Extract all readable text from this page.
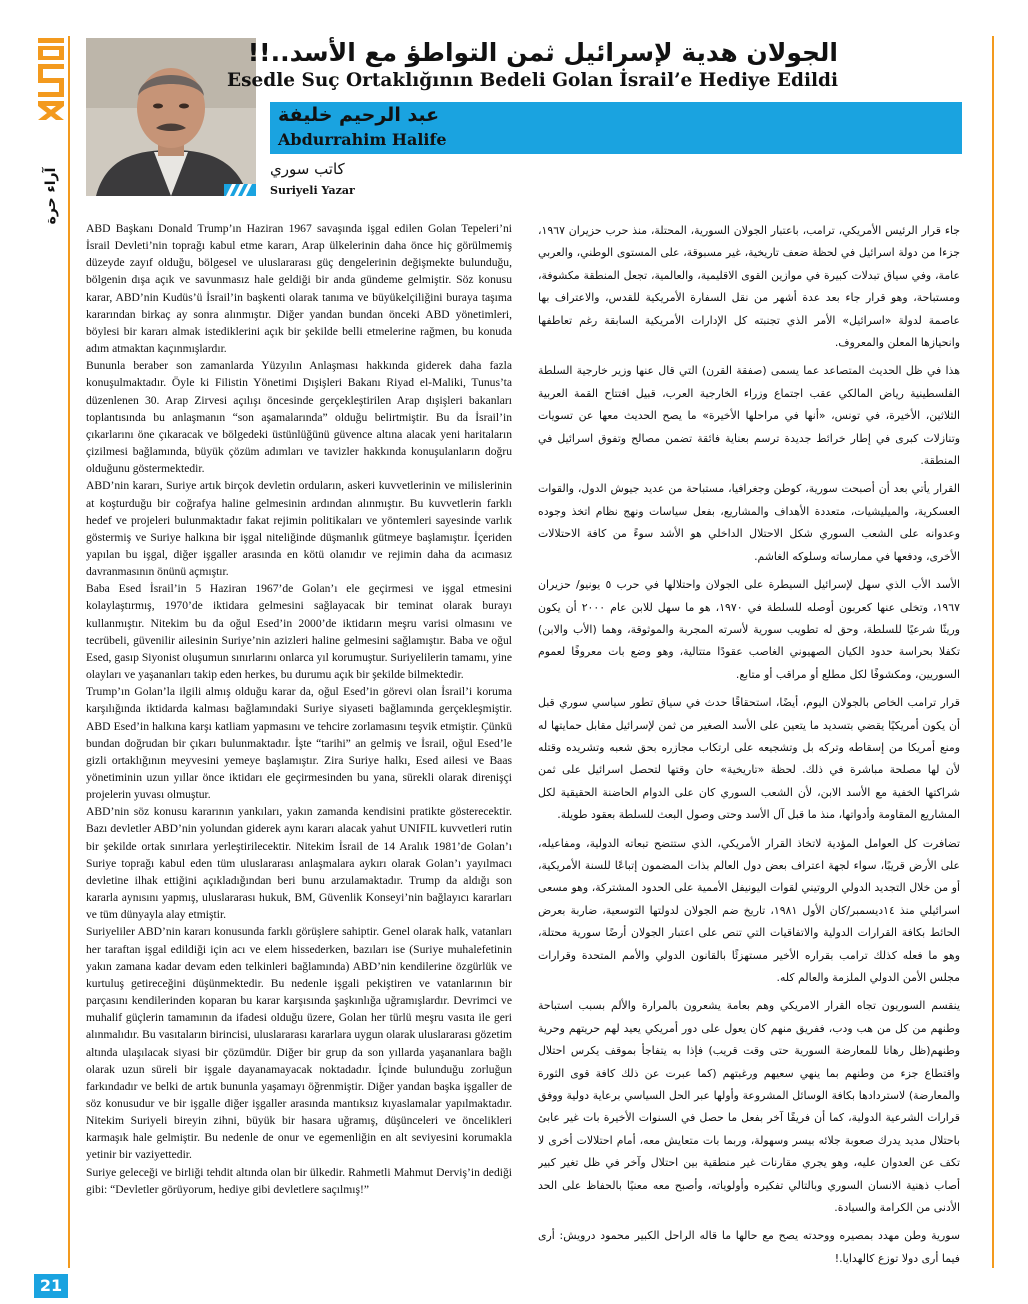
آراء حرة
21
الجولان هدية لإسرائيل ثمن التواطؤ مع الأسد..!!
Esedle Suç Ortaklığının Bedeli Golan İsrail’e Hediye Edildi
عبد الرحيم خليفة
Abdurrahim Halife
كاتب سوري
Suriyeli Yazar

ABD Başkanı Donald Trump’ın Haziran 1967 savaşında işgal edilen Golan Tepeleri’ni İsrail Devleti’nin toprağı kabul etme kararı, Arap ülkelerinin daha önce hiç görülmemiş düzeyde zayıf olduğu, bölgesel ve uluslararası güç dengelerinin değişmekte bulunduğu, bölgenin dışa açık ve savunmasız hale geldiği bir anda gündeme gelmiştir. Söz konusu karar, ABD’nin Kudüs’ü İsrail’in başkenti olarak tanıma ve büyükelçiliğini buraya taşıma kararından birkaç ay sonra alınmıştır. Diğer yandan bundan önceki ABD yönetimleri, böylesi bir kararı almak istediklerini açık bir şekilde belli etmelerine rağmen, bu konuda adım atmaktan kaçınmışlardır.

Bununla beraber son zamanlarda Yüzyılın Anlaşması hakkında giderek daha fazla konuşulmaktadır. Öyle ki Filistin Yönetimi Dışişleri Bakanı Riyad el-Maliki, Tunus’ta düzenlenen 30. Arap Zirvesi açılışı öncesinde gerçekleştirilen Arap dışişleri bakanları toplantısında bu anlaşmanın “son aşamalarında” olduğu belirtmiştir. Bu da İsrail’in çıkarlarını öne çıkaracak ve bölgedeki üstünlüğünü güvence altına alacak yeni haritaların çizilmesi bağlamında, büyük çözüm adımları ve tavizler hakkında konuşulanların doğru olduğunu göstermektedir.

ABD’nin kararı, Suriye artık birçok devletin orduların, askeri kuvvetlerinin ve milislerinin at koşturduğu bir coğrafya haline gelmesinin ardından alınmıştır. Bu kuvvetlerin farklı hedef ve projeleri bulunmaktadır fakat rejimin politikaları ve yöntemleri sayesinde varlık göstermiş ve Suriye halkına bir işgal niteliğinde düşmanlık gütmeye başlamıştır. İçeriden yapılan bu işgal, diğer işgaller arasında en kötü olanıdır ve rejimin daha da acımasız davranmasının önünü açmıştır.

Baba Esed İsrail’in 5 Haziran 1967’de Golan’ı ele geçirmesi ve işgal etmesini kolaylaştırmış, 1970’de iktidara gelmesini sağlayacak bir teminat olarak burayı kullanmıştır. Nitekim bu da oğul Esed’in 2000’de iktidarın meşru varisi olmasını ve tecrübeli, güvenilir ailesinin Suriye’nin azizleri haline gelmesini sağlamıştır. Baba ve oğul Esed, gasıp Siyonist oluşumun sınırlarını onlarca yıl korumuştur. Suriyelilerin tamamı, yine olayları ve yaşananları takip eden herkes, bu durumu açık bir şekilde bilmektedir.

Trump’ın Golan’la ilgili almış olduğu karar da, oğul Esed’in görevi olan İsrail’i koruma karşılığında iktidarda kalması bağlamındaki Suriye siyaseti bağlamında gerçekleşmiştir. ABD Esed’in halkına karşı katliam yapmasını ve tehcire zorlamasını teşvik etmiştir. Çünkü bundan doğrudan bir çıkarı bulunmaktadır. İşte “tarihi” an gelmiş ve İsrail, oğul Esed’le gizli ortaklığının meyvesini yemeye başlamıştır. Zira Suriye halkı, Esed ailesi ve Baas yönetiminin uzun yıllar önce iktidarı ele geçirmesinden bu yana, sürekli olarak direnişçi projelerin yuvası olmuştur.

ABD’nin söz konusu kararının yankıları, yakın zamanda kendisini pratikte gösterecektir. Bazı devletler ABD’nin yolundan giderek aynı kararı alacak yahut UNIFIL kuvvetleri rutin bir şekilde ortak sınırlara yerleştirilecektir. Nitekim İsrail de 14 Aralık 1981’de Golan’ı Suriye toprağı kabul eden tüm uluslararası anlaşmalara aykırı olarak Golan’ı yayılmacı devletine ilhak ettiğini açıkladığından beri bunu arzulamaktadır. Trump da aldığı son kararla aynısını yapmış, uluslararası hukuk, BM, Güvenlik Konseyi’nin bağlayıcı kararları ve tüm dünyayla alay etmiştir.

Suriyeliler ABD’nin kararı konusunda farklı görüşlere sahiptir. Genel olarak halk, vatanları her taraftan işgal edildiği için acı ve elem hissederken, bazıları ise (Suriye muhalefetinin yakın zamana kadar devam eden telkinleri bağlamında) ABD’nin kendilerine özgürlük ve kurtuluş getireceğini düşünmektedir. Bu nedenle işgali pekiştiren ve vatanlarının bir parçasını kendilerinden koparan bu karar karşısında şaşkınlığa uğramışlardır. Devrimci ve muhalif güçlerin tamamının da ifadesi olduğu üzere, Golan her türlü meşru vasıta ile geri alınmalıdır. Bu vasıtaların birincisi, uluslararası kararlara uygun olarak uluslararası gözetim altında ulaşılacak siyasi bir çözümdür. Diğer bir grup da son yıllarda yaşananlara bağlı olarak uzun süreli bir işgale dayanamayacak noktadadır. İçinde bulunduğu zorluğun farkındadır ve belki de artık bununla yaşamayı öğrenmiştir. Diğer yandan başka işgaller de söz konusudur ve bir işgalle diğer işgaller arasında mantıksız kıyaslamalar yapılmaktadır. Nitekim Suriyeli bireyin zihni, büyük bir hasara uğramış, düşünceleri ve öncelikleri karmaşık hale gelmiştir. Bu nedenle de onur ve egemenliğin en alt seviyesini korumakla yetinir bir vaziyettedir.

Suriye geleceği ve birliği tehdit altında olan bir ülkedir. Rahmetli Mahmut Derviş’in dediği gibi: “Devletler görüyorum, hediye gibi devletlere saçılmış!”

جاء قرار الرئيس الأمريكي، ترامب، باعتبار الجولان السورية، المحتلة، منذ حرب حزيران ١٩٦٧، جزءا من دولة اسرائيل في لحظة ضعف تاريخية، غير مسبوقة، على المستوى الوطني، والعربي عامة، وفي سياق تبدلات كبيرة في موازين القوى الاقليمية، والعالمية، تجعل المنطقة مكشوفة، ومستباحة، وهو قرار جاء بعد عدة أشهر من نقل السفارة الأمريكية للقدس، والاعتراف بها عاصمة لدولة «اسرائيل» الأمر الذي تجنبته كل الإدارات الأمريكية السابقة رغم تعاطفها وانحيازها المعلن والمعروف.

هذا في ظل الحديث المتصاعد عما يسمى (صفقة القرن) التي قال عنها وزير خارجية السلطة الفلسطينية رياض المالكي عقب اجتماع وزراء الخارجية العرب، قبيل افتتاح القمة العربية الثلاثين، الأخيرة، في تونس، «أنها في مراحلها الأخيرة» ما يصح الحديث معها عن تسويات وتنازلات كبرى في إطار خرائط جديدة ترسم بعناية فائقة تضمن مصالح وتفوق اسرائيل في المنطقة.

القرار يأتي بعد أن أصبحت سورية، كوطن وجغرافيا، مستباحة من عديد جيوش الدول، والقوات العسكرية، والميليشيات، متعددة الأهداف والمشاريع، بفعل سياسات ونهج نظام اتخذ وجوده وعدوانه على الشعب السوري شكل الاحتلال الداخلي هو الأشد سوءً من كافة الاحتلالات الأخرى، ودفعها في ممارساته وسلوكه الغاشم.

الأسد الأب الذي سهل لإسرائيل السيطرة على الجولان واحتلالها في حرب ٥ يونيو/ حزيران ١٩٦٧، وتخلى عنها كعربون أوصله للسلطة في ١٩٧٠، هو ما سهل للابن عام ٢٠٠٠ أن يكون وريثًا شرعيًا للسلطة، وحق له تطويب سورية لأسرته المجربة والموثوقة، وهما (الأب والابن) تكفلا بحراسة حدود الكيان الصهيوني الغاصب عقودًا متتالية، وهو وضع بات معروفًا لعموم السوريين، ومكشوفًا لكل مطلع أو مراقب أو متابع.

قرار ترامب الخاص بالجولان اليوم، أيضًا، استحقاقًا حدث في سياق تطور سياسي سوري قبل أن يكون أمريكيًا يقضي بتسديد ما يتعين على الأسد الصغير من ثمن لإسرائيل مقابل حمايتها له ومنع أمريكا من إسقاطه وتركه بل وتشجيعه على ارتكاب مجازره بحق شعبه وتشريده وقتله لأن لها مصلحة مباشرة في ذلك. لحظة «تاريخية» حان وقتها لتحصل اسرائيل على ثمن شراكتها الخفية مع الأسد الابن، لأن الشعب السوري كان على الدوام الحاضنة الحقيقية لكل المشاريع المقاومة وأدواتها، منذ ما قبل آل الأسد وحتى وصول البعث للسلطة بعقود طويلة.

تضافرت كل العوامل المؤدية لاتخاذ القرار الأمريكي، الذي ستتضح تبعاته الدولية، ومفاعيله، على الأرض قريبًا، سواء لجهة اعتراف بعض دول العالم بذات المضمون إتباعًا للسنة الأمريكية، أو من خلال التجديد الدولي الروتيني لقوات اليونيفل الأممية على الحدود المشتركة، وهو مسعى اسرائيلي منذ ١٤ديسمبر/كان الأول ١٩٨١، تاريخ ضم الجولان لدولتها التوسعية، ضاربة بعرض الحائط بكافة القرارات الدولية والاتفاقيات التي تنص على اعتبار الجولان أرضًا سورية محتلة، وهو ما فعله كذلك ترامب بقراره الأخير مستهزئًا بالقانون الدولي والأمم المتحدة وقرارات مجلس الأمن الدولي الملزمة والعالم كله.

ينقسم السوريون تجاه القرار الامريكي وهم بعامة يشعرون بالمرارة والألم بسبب استباحة وطنهم من كل من هب ودب، ففريق منهم كان يعول على دور أمريكي يعيد لهم حريتهم وحرية وطنهم(ظل رهانا للمعارضة السورية حتى وقت قريب) فإذا به يتفاجأ بموقف يكرس احتلال واقتطاع جزء من وطنهم بما ينهي سعيهم ورغبتهم (كما عبرت عن ذلك كافة قوى الثورة والمعارضة) لاستردادها بكافة الوسائل المشروعة وأولها عبر الحل السياسي برعاية دولية ووفق قرارات الشرعية الدولية، كما أن فريقًا آخر بفعل ما حصل في السنوات الأخيرة بات غير عابئ باحتلال مديد يدرك صعوبة جلائه بيسر وسهولة، وربما بات متعايش معه، أمام احتلالات أخرى لا تكف عن العدوان عليه، وهو يجري مقارنات غير منطقية بين احتلال وآخر في ظل تغير كبير أصاب ذهنية الانسان السوري وبالتالي تفكيره وأولوياته، وأصبح معه معنيًا بالحفاظ على الحد الأدنى من الكرامة والسيادة.

سورية وطن مهدد بمصيره ووحدته يصح مع حالها ما قاله الراحل الكبير محمود درويش: أرى فيما أرى دولا توزع كالهدايا.!
